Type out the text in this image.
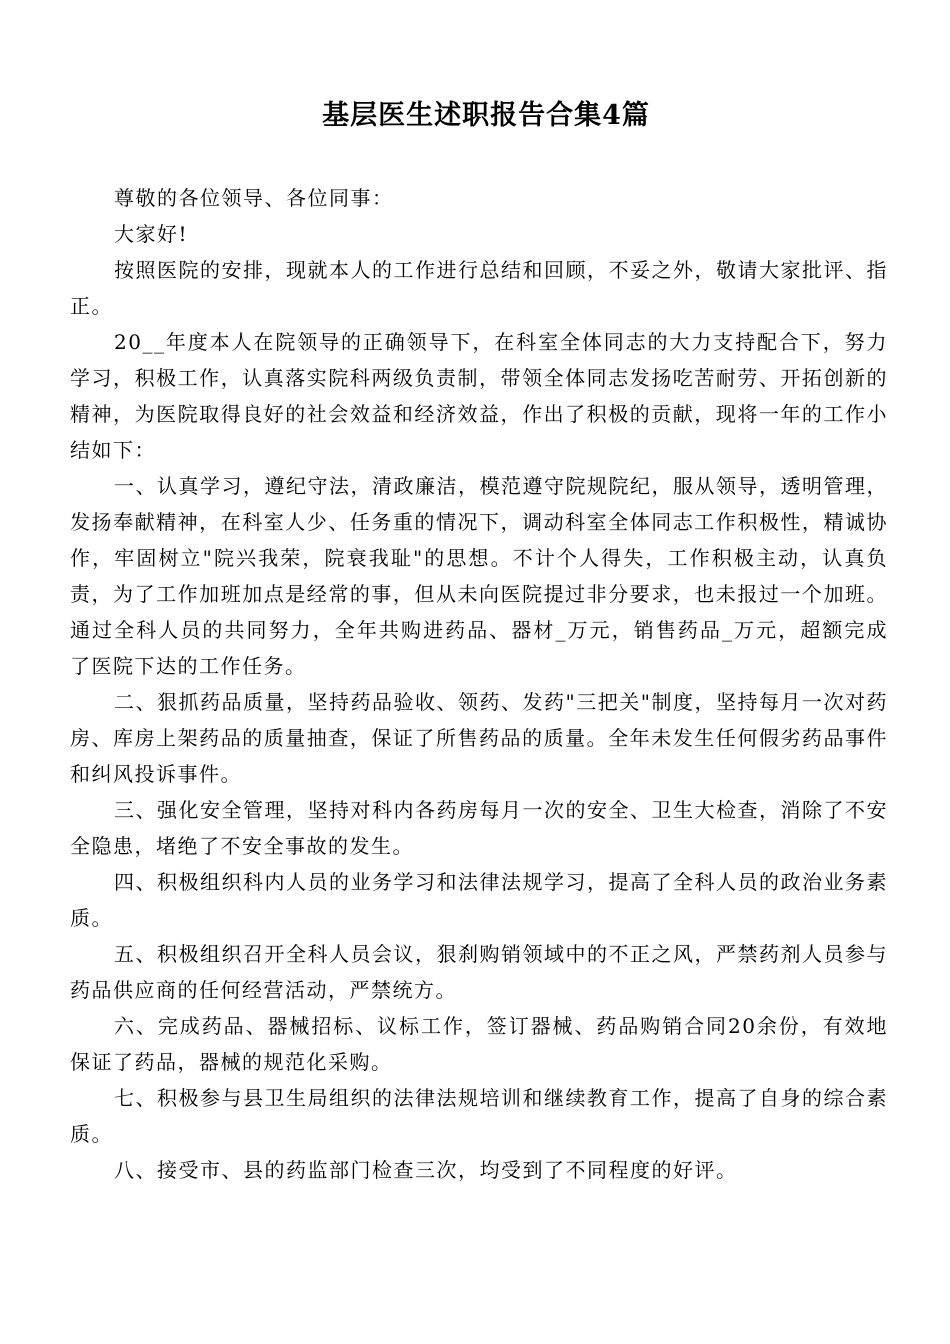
基层医生述职报告合集4篇

尊敬的各位领导、各位同事：

大家好!

按照医院的安排，现就本人的工作进行总结和回顾，不妥之外，敬请大家批评、指正。

20__年度本人在院领导的正确领导下，在科室全体同志的大力支持配合下，努力学习，积极工作，认真落实院科两级负责制，带领全体同志发扬吃苦耐劳、开拓创新的精神，为医院取得良好的社会效益和经济效益，作出了积极的贡献，现将一年的工作小结如下：

一、认真学习，遵纪守法，清政廉洁，模范遵守院规院纪，服从领导，透明管理，发扬奉献精神，在科室人少、任务重的情况下，调动科室全体同志工作积极性，精诚协作，牢固树立"院兴我荣，院衰我耻"的思想。不计个人得失，工作积极主动，认真负责，为了工作加班加点是经常的事，但从未向医院提过非分要求，也未报过一个加班。通过全科人员的共同努力，全年共购进药品、器材_万元，销售药品_万元，超额完成了医院下达的工作任务。

二、狠抓药品质量，坚持药品验收、领药、发药"三把关"制度，坚持每月一次对药房、库房上架药品的质量抽查，保证了所售药品的质量。全年未发生任何假劣药品事件和纠风投诉事件。

三、强化安全管理，坚持对科内各药房每月一次的安全、卫生大检查，消除了不安全隐患，堵绝了不安全事故的发生。

四、积极组织科内人员的业务学习和法律法规学习，提高了全科人员的政治业务素质。

五、积极组织召开全科人员会议，狠刹购销领域中的不正之风，严禁药剂人员参与药品供应商的任何经营活动，严禁统方。

六、完成药品、器械招标、议标工作，签订器械、药品购销合同20余份，有效地保证了药品，器械的规范化采购。

七、积极参与县卫生局组织的法律法规培训和继续教育工作，提高了自身的综合素质。

八、接受市、县的药监部门检查三次，均受到了不同程度的好评。
